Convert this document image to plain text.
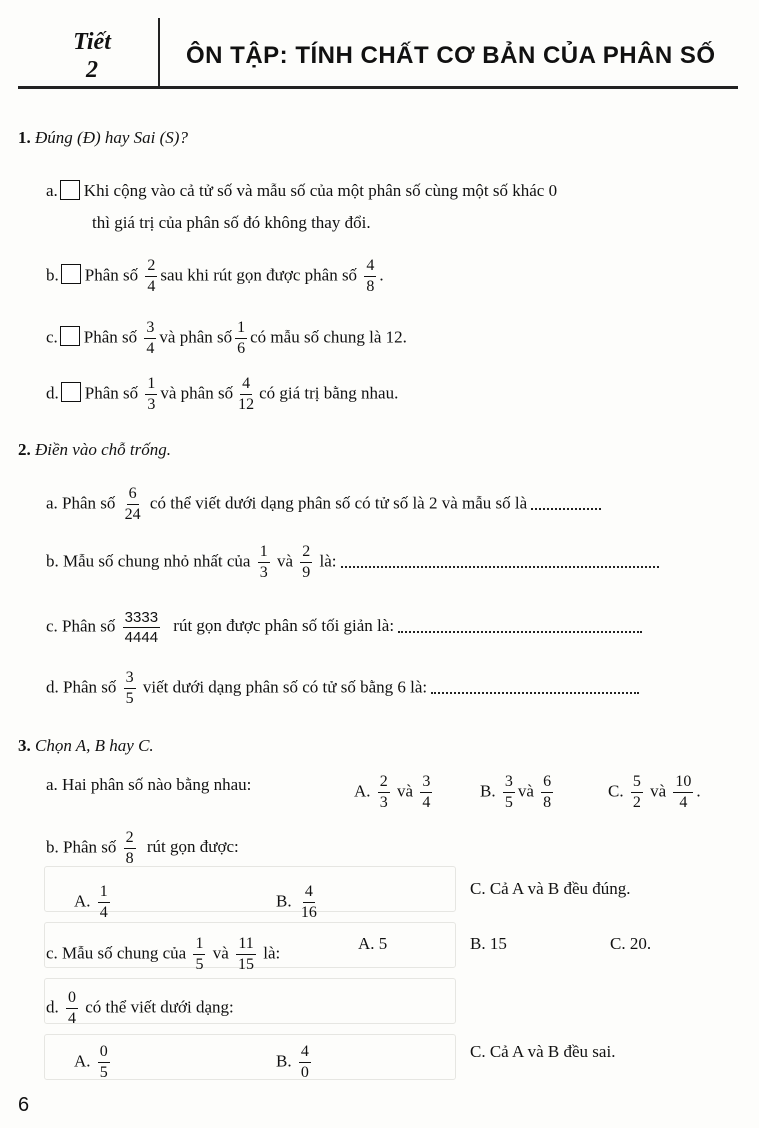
Tiết
2
ÔN TẬP: TÍNH CHẤT CƠ BẢN CỦA PHÂN SỐ
1. Đúng (Đ) hay Sai (S)?
a. Khi cộng vào cả tử số và mẫu số của một phân số cùng một số khác 0
thì giá trị của phân số đó không thay đổi.
b. Phân số $\frac{2}{4}$ sau khi rút gọn được phân số $\frac{4}{8}$ .
c. Phân số $\frac{3}{4}$ và phân số $\frac{1}{6}$ có mẫu số chung là 12.
d. Phân số $\frac{1}{3}$ và phân số $\frac{4}{12}$ có giá trị bằng nhau.
2. Điền vào chỗ trống.
a. Phân số $\frac{6}{24}$ có thể viết dưới dạng phân số có tử số là 2 và mẫu số là
b. Mẫu số chung nhỏ nhất của $\frac{1}{3}$ và $\frac{2}{9}$ là:
c. Phân số $\frac{3333}{4444}$ rút gọn được phân số tối giản là:
d. Phân số $\frac{3}{5}$ viết dưới dạng phân số có tử số bằng 6 là:
3. Chọn A, B hay C.
a. Hai phân số nào bằng nhau:	A. $\frac{2}{3}$ và $\frac{3}{4}$	B. $\frac{3}{5}$ và $\frac{6}{8}$	C. $\frac{5}{2}$ và $\frac{10}{4}$ .
b. Phân số $\frac{2}{8}$ rút gọn được:
A. $\frac{1}{4}$	B. $\frac{4}{16}$	C. Cả A và B đều đúng.
c. Mẫu số chung của $\frac{1}{5}$ và $\frac{11}{15}$ là:	A. 5	B. 15	C. 20.
d. $\frac{0}{4}$ có thể viết dưới dạng:
A. $\frac{0}{5}$	B. $\frac{4}{0}$	C. Cả A và B đều sai.
6
